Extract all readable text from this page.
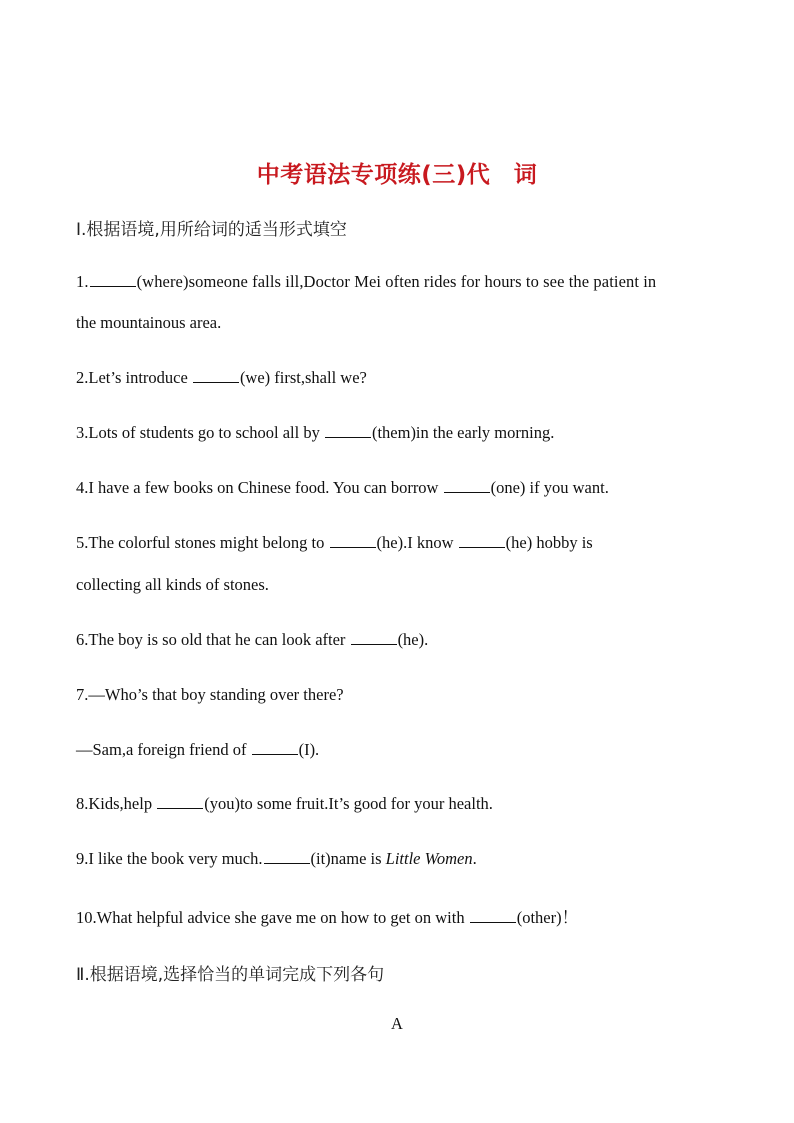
中考语法专项练(三)代　词
Ⅰ.根据语境,用所给词的适当形式填空
1.	(where)someone falls ill,Doctor Mei often rides for hours to see the patient in
the mountainous area.
2.Let’s introduce	(we) first,shall we?
3.Lots of students go to school all by	(them)in the early morning.
4.I have a few books on Chinese food. You can borrow	(one) if you want.
5.The colorful stones might belong to	(he).I know	(he) hobby is
collecting all kinds of stones.
6.The boy is so old that he can look after	(he).
7.—Who’s that boy standing over there?
—Sam,a foreign friend of	(I).
8.Kids,help	(you)to some fruit.It’s good for your health.
9.I like the book very much.	(it)name is Little Women.
10.What helpful advice she gave me on how to get on with	(other)！
Ⅱ.根据语境,选择恰当的单词完成下列各句
A
